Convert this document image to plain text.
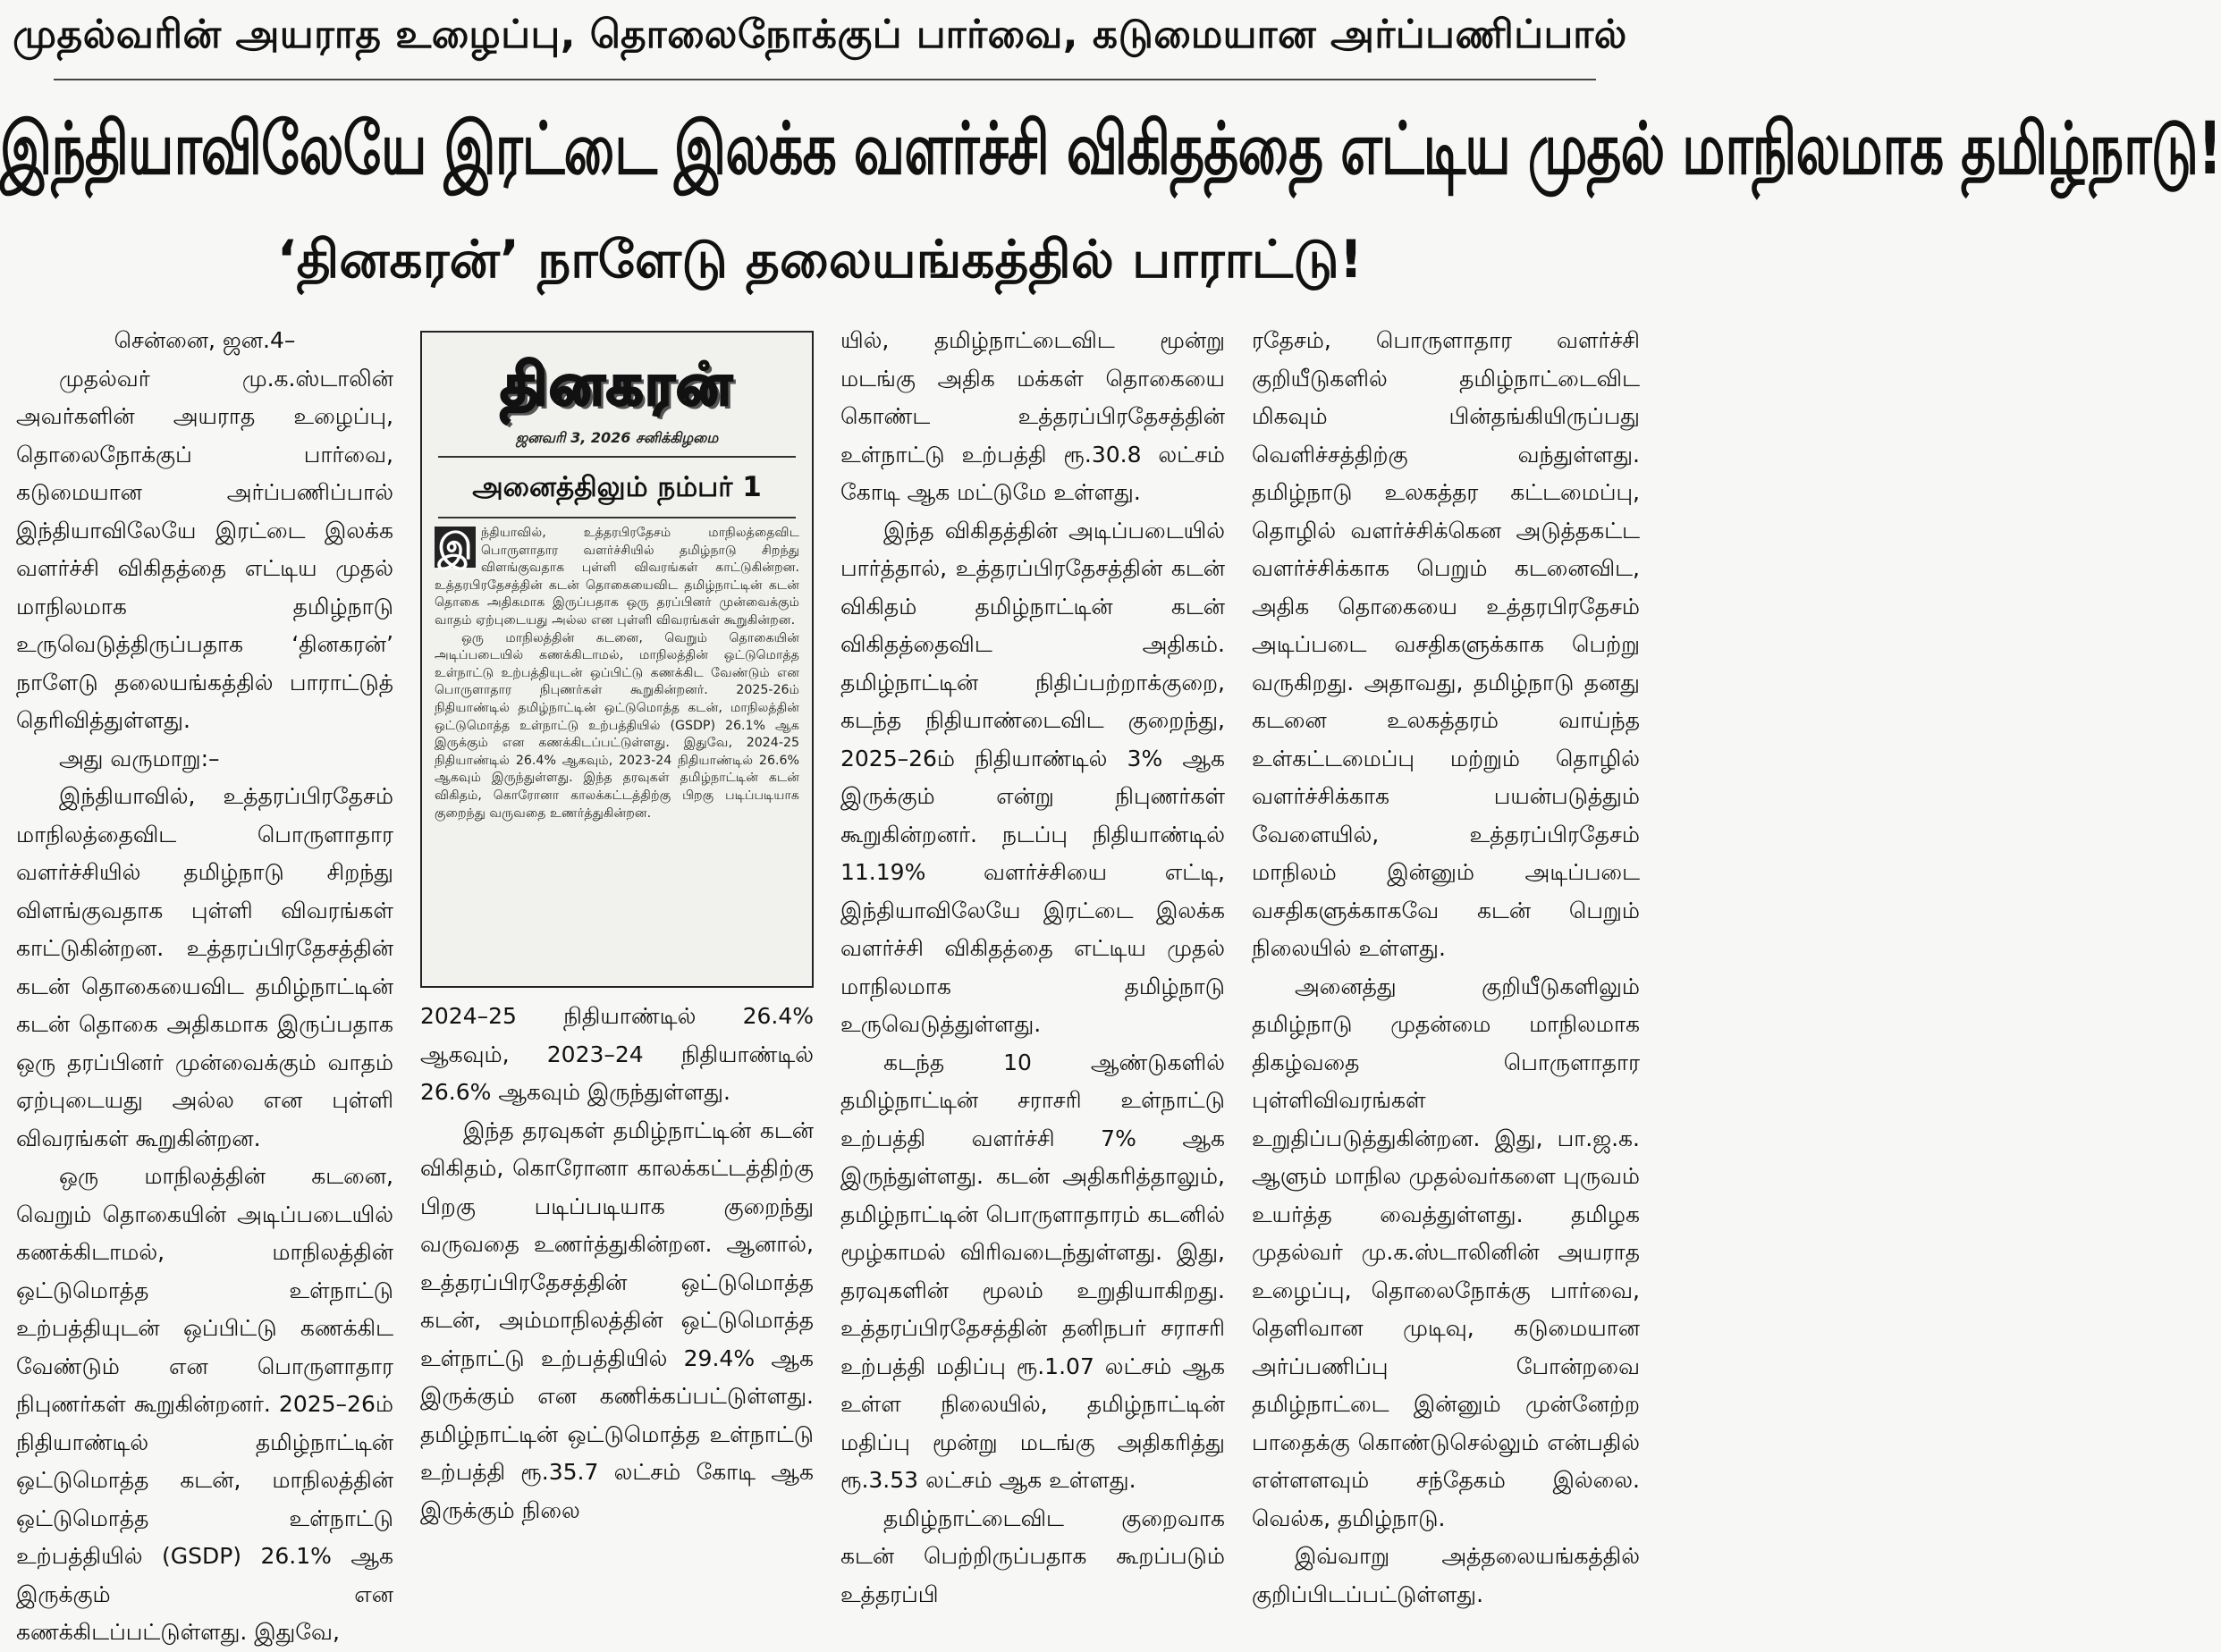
முதல்வரின் அயராத உழைப்பு, தொலைநோக்குப் பார்வை, கடுமையான அர்ப்பணிப்பால்
இந்தியாவிலேயே இரட்டை இலக்க வளர்ச்சி விகிதத்தை எட்டிய முதல் மாநிலமாக தமிழ்நாடு!
‘தினகரன்’ நாளேடு தலையங்கத்தில் பாராட்டு!

சென்னை, ஜன.4–

முதல்வர் மு.க.ஸ்டாலின் அவர்களின் அயராத உழைப்பு, தொலைநோக்குப் பார்வை, கடுமையான அர்ப்பணிப்பால் இந்தியாவிலேயே இரட்டை இலக்க வளர்ச்சி விகிதத்தை எட்டிய முதல் மாநிலமாக தமிழ்நாடு உருவெடுத்திருப்பதாக ‘தினகரன்’ நாளேடு தலையங்கத்தில் பாராட்டுத் தெரிவித்துள்ளது.

அது வருமாறு:–

இந்தியாவில், உத்தரப்பிரதேசம் மாநிலத்தைவிட பொருளாதார வளர்ச்சியில் தமிழ்நாடு சிறந்து விளங்குவதாக புள்ளி விவரங்கள் காட்டுகின்றன. உத்தரப்பிரதேசத்தின் கடன் தொகையைவிட தமிழ்நாட்டின் கடன் தொகை அதிகமாக இருப்பதாக ஒரு தரப்பினர் முன்வைக்கும் வாதம் ஏற்புடையது அல்ல என புள்ளி விவரங்கள் கூறுகின்றன.

ஒரு மாநிலத்தின் கடனை, வெறும் தொகையின் அடிப்படையில் கணக்கிடாமல், மாநிலத்தின் ஒட்டுமொத்த உள்நாட்டு உற்பத்தியுடன் ஒப்பிட்டு கணக்கிட வேண்டும் என பொருளாதார நிபுணர்கள் கூறுகின்றனர். 2025–26ம் நிதியாண்டில் தமிழ்நாட்டின் ஒட்டுமொத்த கடன், மாநிலத்தின் ஒட்டுமொத்த உள்நாட்டு உற்பத்தியில் (GSDP) 26.1% ஆக இருக்கும் என கணக்கிடப்பட்டுள்ளது. இதுவே,

தினகரன்
ஜனவரி 3, 2026 சனிக்கிழமை
அனைத்திலும் நம்பர் 1

இ ந்தியாவில், உத்தரபிரதேசம் மாநிலத்தைவிட பொருளாதார வளர்ச்சியில் தமிழ்நாடு சிறந்து விளங்குவதாக புள்ளி விவரங்கள் காட்டுகின்றன. உத்தரபிரதேசத்தின் கடன் தொகையைவிட தமிழ்நாட்டின் கடன் தொகை அதிகமாக இருப்பதாக ஒரு தரப்பினர் முன்வைக்கும் வாதம் ஏற்புடையது அல்ல என புள்ளி விவரங்கள் கூறுகின்றன.

ஒரு மாநிலத்தின் கடனை, வெறும் தொகையின் அடிப்படையில் கணக்கிடாமல், மாநிலத்தின் ஒட்டுமொத்த உள்நாட்டு உற்பத்தியுடன் ஒப்பிட்டு கணக்கிட வேண்டும் என பொருளாதார நிபுணர்கள் கூறுகின்றனர். 2025-26ம் நிதியாண்டில் தமிழ்நாட்டின் ஒட்டுமொத்த கடன், மாநிலத்தின் ஒட்டுமொத்த உள்நாட்டு உற்பத்தியில் (GSDP) 26.1% ஆக இருக்கும் என கணக்கிடப்பட்டுள்ளது. இதுவே, 2024-25 நிதியாண்டில் 26.4% ஆகவும், 2023-24 நிதியாண்டில் 26.6% ஆகவும் இருந்துள்ளது. இந்த தரவுகள் தமிழ்நாட்டின் கடன் விகிதம், கொரோனா காலக்கட்டத்திற்கு பிறகு படிப்படியாக குறைந்து வருவதை உணர்த்துகின்றன.

2024–25 நிதியாண்டில் 26.4% ஆகவும், 2023–24 நிதியாண்டில் 26.6% ஆகவும் இருந்துள்ளது.

இந்த தரவுகள் தமிழ்நாட்டின் கடன் விகிதம், கொரோனா காலக்கட்டத்திற்கு பிறகு படிப்படியாக குறைந்து வருவதை உணர்த்துகின்றன. ஆனால், உத்தரப்பிரதேசத்தின் ஒட்டுமொத்த கடன், அம்மாநிலத்தின் ஒட்டுமொத்த உள்நாட்டு உற்பத்தியில் 29.4% ஆக இருக்கும் என கணிக்கப்பட்டுள்ளது. தமிழ்நாட்டின் ஒட்டுமொத்த உள்நாட்டு உற்பத்தி ரூ.35.7 லட்சம் கோடி ஆக இருக்கும் நிலை

யில், தமிழ்நாட்டைவிட மூன்று மடங்கு அதிக மக்கள் தொகையை கொண்ட உத்தரப்பிரதேசத்தின் உள்நாட்டு உற்பத்தி ரூ.30.8 லட்சம் கோடி ஆக மட்டுமே உள்ளது.

இந்த விகிதத்தின் அடிப்படையில் பார்த்தால், உத்தரப்பிரதேசத்தின் கடன் விகிதம் தமிழ்நாட்டின் கடன் விகிதத்தைவிட அதிகம். தமிழ்நாட்டின் நிதிப்பற்றாக்குறை, கடந்த நிதியாண்டைவிட குறைந்து, 2025–26ம் நிதியாண்டில் 3% ஆக இருக்கும் என்று நிபுணர்கள் கூறுகின்றனர். நடப்பு நிதியாண்டில் 11.19% வளர்ச்சியை எட்டி, இந்தியாவிலேயே இரட்டை இலக்க வளர்ச்சி விகிதத்தை எட்டிய முதல் மாநிலமாக தமிழ்நாடு உருவெடுத்துள்ளது.

கடந்த 10 ஆண்டுகளில் தமிழ்நாட்டின் சராசரி உள்நாட்டு உற்பத்தி வளர்ச்சி 7% ஆக இருந்துள்ளது. கடன் அதிகரித்தாலும், தமிழ்நாட்டின் பொருளாதாரம் கடனில் மூழ்காமல் விரிவடைந்துள்ளது. இது, தரவுகளின் மூலம் உறுதியாகிறது. உத்தரப்பிரதேசத்தின் தனிநபர் சராசரி உற்பத்தி மதிப்பு ரூ.1.07 லட்சம் ஆக உள்ள நிலையில், தமிழ்நாட்டின் மதிப்பு மூன்று மடங்கு அதிகரித்து ரூ.3.53 லட்சம் ஆக உள்ளது.

தமிழ்நாட்டைவிட குறைவாக கடன் பெற்றிருப்பதாக கூறப்படும் உத்தரப்பி

ரதேசம், பொருளாதார வளர்ச்சி குறியீடுகளில் தமிழ்நாட்டைவிட மிகவும் பின்தங்கியிருப்பது வெளிச்சத்திற்கு வந்துள்ளது. தமிழ்நாடு உலகத்தர கட்டமைப்பு, தொழில் வளர்ச்சிக்கென அடுத்தகட்ட வளர்ச்சிக்காக பெறும் கடனைவிட, அதிக தொகையை உத்தரபிரதேசம் அடிப்படை வசதிகளுக்காக பெற்று வருகிறது. அதாவது, தமிழ்நாடு தனது கடனை உலகத்தரம் வாய்ந்த உள்கட்டமைப்பு மற்றும் தொழில் வளர்ச்சிக்காக பயன்படுத்தும் வேளையில், உத்தரப்பிரதேசம் மாநிலம் இன்னும் அடிப்படை வசதிகளுக்காகவே கடன் பெறும் நிலையில் உள்ளது.

அனைத்து குறியீடுகளிலும் தமிழ்நாடு முதன்மை மாநிலமாக திகழ்வதை பொருளாதார புள்ளிவிவரங்கள் உறுதிப்படுத்துகின்றன. இது, பா.ஜ.க. ஆளும் மாநில முதல்வர்களை புருவம் உயர்த்த வைத்துள்ளது. தமிழக முதல்வர் மு.க.ஸ்டாலினின் அயராத உழைப்பு, தொலைநோக்கு பார்வை, தெளிவான முடிவு, கடுமையான அர்ப்பணிப்பு போன்றவை தமிழ்நாட்டை இன்னும் முன்னேற்ற பாதைக்கு கொண்டுசெல்லும் என்பதில் எள்ளளவும் சந்தேகம் இல்லை. வெல்க, தமிழ்நாடு.

இவ்வாறு அத்தலையங்கத்தில் குறிப்பிடப்பட்டுள்ளது.
